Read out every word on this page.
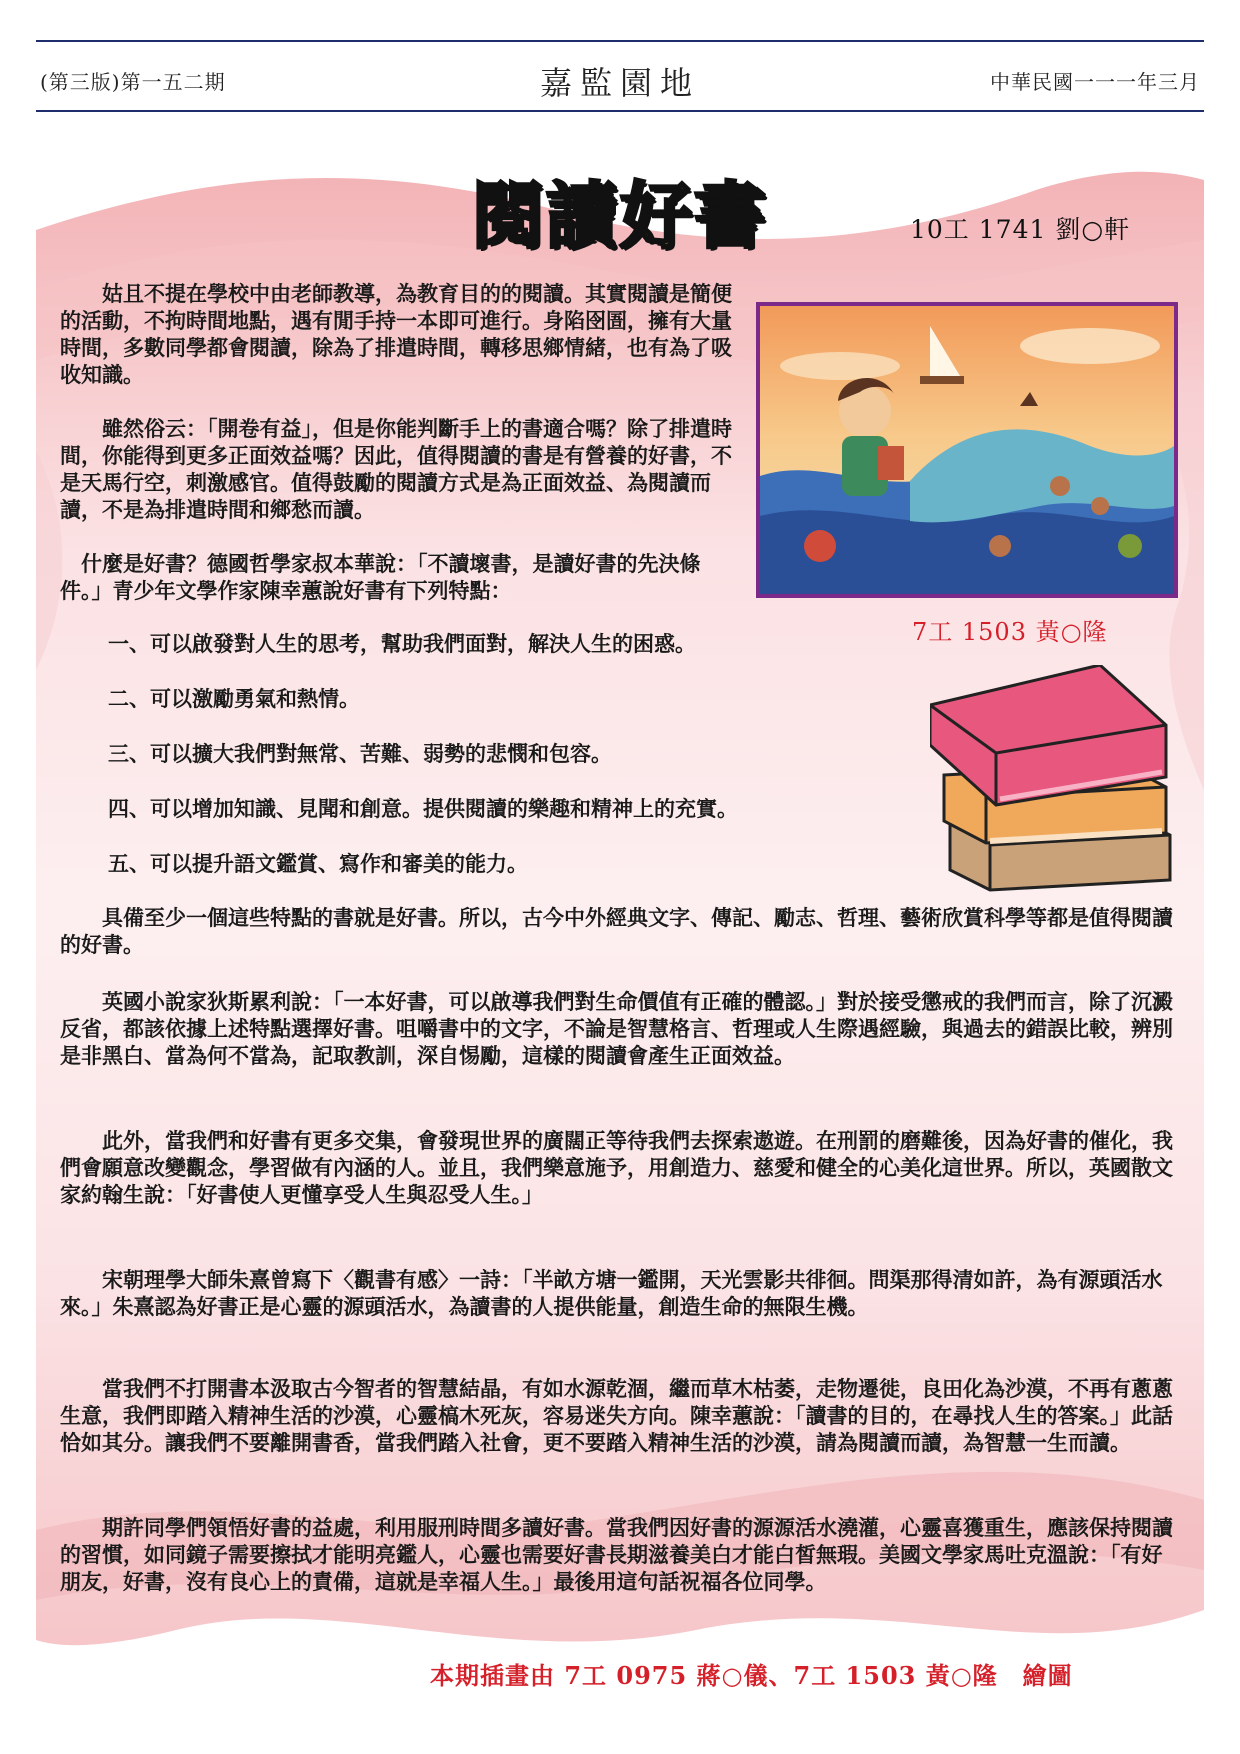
(第三版)第一五二期	嘉監園地	中華民國一一一年三月
閱讀好書	10工 1741 劉○軒

　　姑且不提在學校中由老師教導，為教育目的的閱讀。其實閱讀是簡便的活動，不拘時間地點，遇有閒手持一本即可進行。身陷囹圄，擁有大量時間，多數同學都會閱讀，除為了排遣時間，轉移思鄉情緒，也有為了吸收知識。

　　雖然俗云：「開卷有益」，但是你能判斷手上的書適合嗎？除了排遣時間，你能得到更多正面效益嗎？因此，值得閱讀的書是有營養的好書，不是天馬行空，刺激感官。值得鼓勵的閱讀方式是為正面效益、為閱讀而讀，不是為排遣時間和鄉愁而讀。

　什麼是好書？德國哲學家叔本華說：「不讀壞書，是讀好書的先決條件。」青少年文學作家陳幸蕙說好書有下列特點：

7工 1503 黃○隆

一、可以啟發對人生的思考，幫助我們面對，解決人生的困惑。

二、可以激勵勇氣和熱情。

三、可以擴大我們對無常、苦難、弱勢的悲憫和包容。

四、可以增加知識、見聞和創意。提供閱讀的樂趣和精神上的充實。

五、可以提升語文鑑賞、寫作和審美的能力。

　　具備至少一個這些特點的書就是好書。所以，古今中外經典文字、傳記、勵志、哲理、藝術欣賞科學等都是值得閱讀的好書。

　　英國小說家狄斯累利說：「一本好書，可以啟導我們對生命價值有正確的體認。」對於接受懲戒的我們而言，除了沉澱反省，都該依據上述特點選擇好書。咀嚼書中的文字，不論是智慧格言、哲理或人生際遇經驗，與過去的錯誤比較，辨別是非黑白、當為何不當為，記取教訓，深自惕勵，這樣的閱讀會產生正面效益。

　　此外，當我們和好書有更多交集，會發現世界的廣闊正等待我們去探索遨遊。在刑罰的磨難後，因為好書的催化，我們會願意改變觀念，學習做有內涵的人。並且，我們樂意施予，用創造力、慈愛和健全的心美化這世界。所以，英國散文家約翰生說：「好書使人更懂享受人生與忍受人生。」

　　宋朝理學大師朱熹曾寫下〈觀書有感〉一詩：「半畝方塘一鑑開，天光雲影共徘徊。問渠那得清如許，為有源頭活水來。」朱熹認為好書正是心靈的源頭活水，為讀書的人提供能量，創造生命的無限生機。

　　當我們不打開書本汲取古今智者的智慧結晶，有如水源乾涸，繼而草木枯萎，走物遷徙，良田化為沙漠，不再有蔥蔥生意，我們即踏入精神生活的沙漠，心靈槁木死灰，容易迷失方向。陳幸蕙說：「讀書的目的，在尋找人生的答案。」此話恰如其分。讓我們不要離開書香，當我們踏入社會，更不要踏入精神生活的沙漠，請為閱讀而讀，為智慧一生而讀。

　　期許同學們領悟好書的益處，利用服刑時間多讀好書。當我們因好書的源源活水澆灌，心靈喜獲重生，應該保持閱讀的習慣，如同鏡子需要擦拭才能明亮鑑人，心靈也需要好書長期滋養美白才能白皙無瑕。美國文學家馬吐克溫說：「有好朋友，好書，沒有良心上的責備，這就是幸福人生。」最後用這句話祝福各位同學。

本期插畫由 7工 0975 蔣○儀、7工 1503 黃○隆　繪圖
